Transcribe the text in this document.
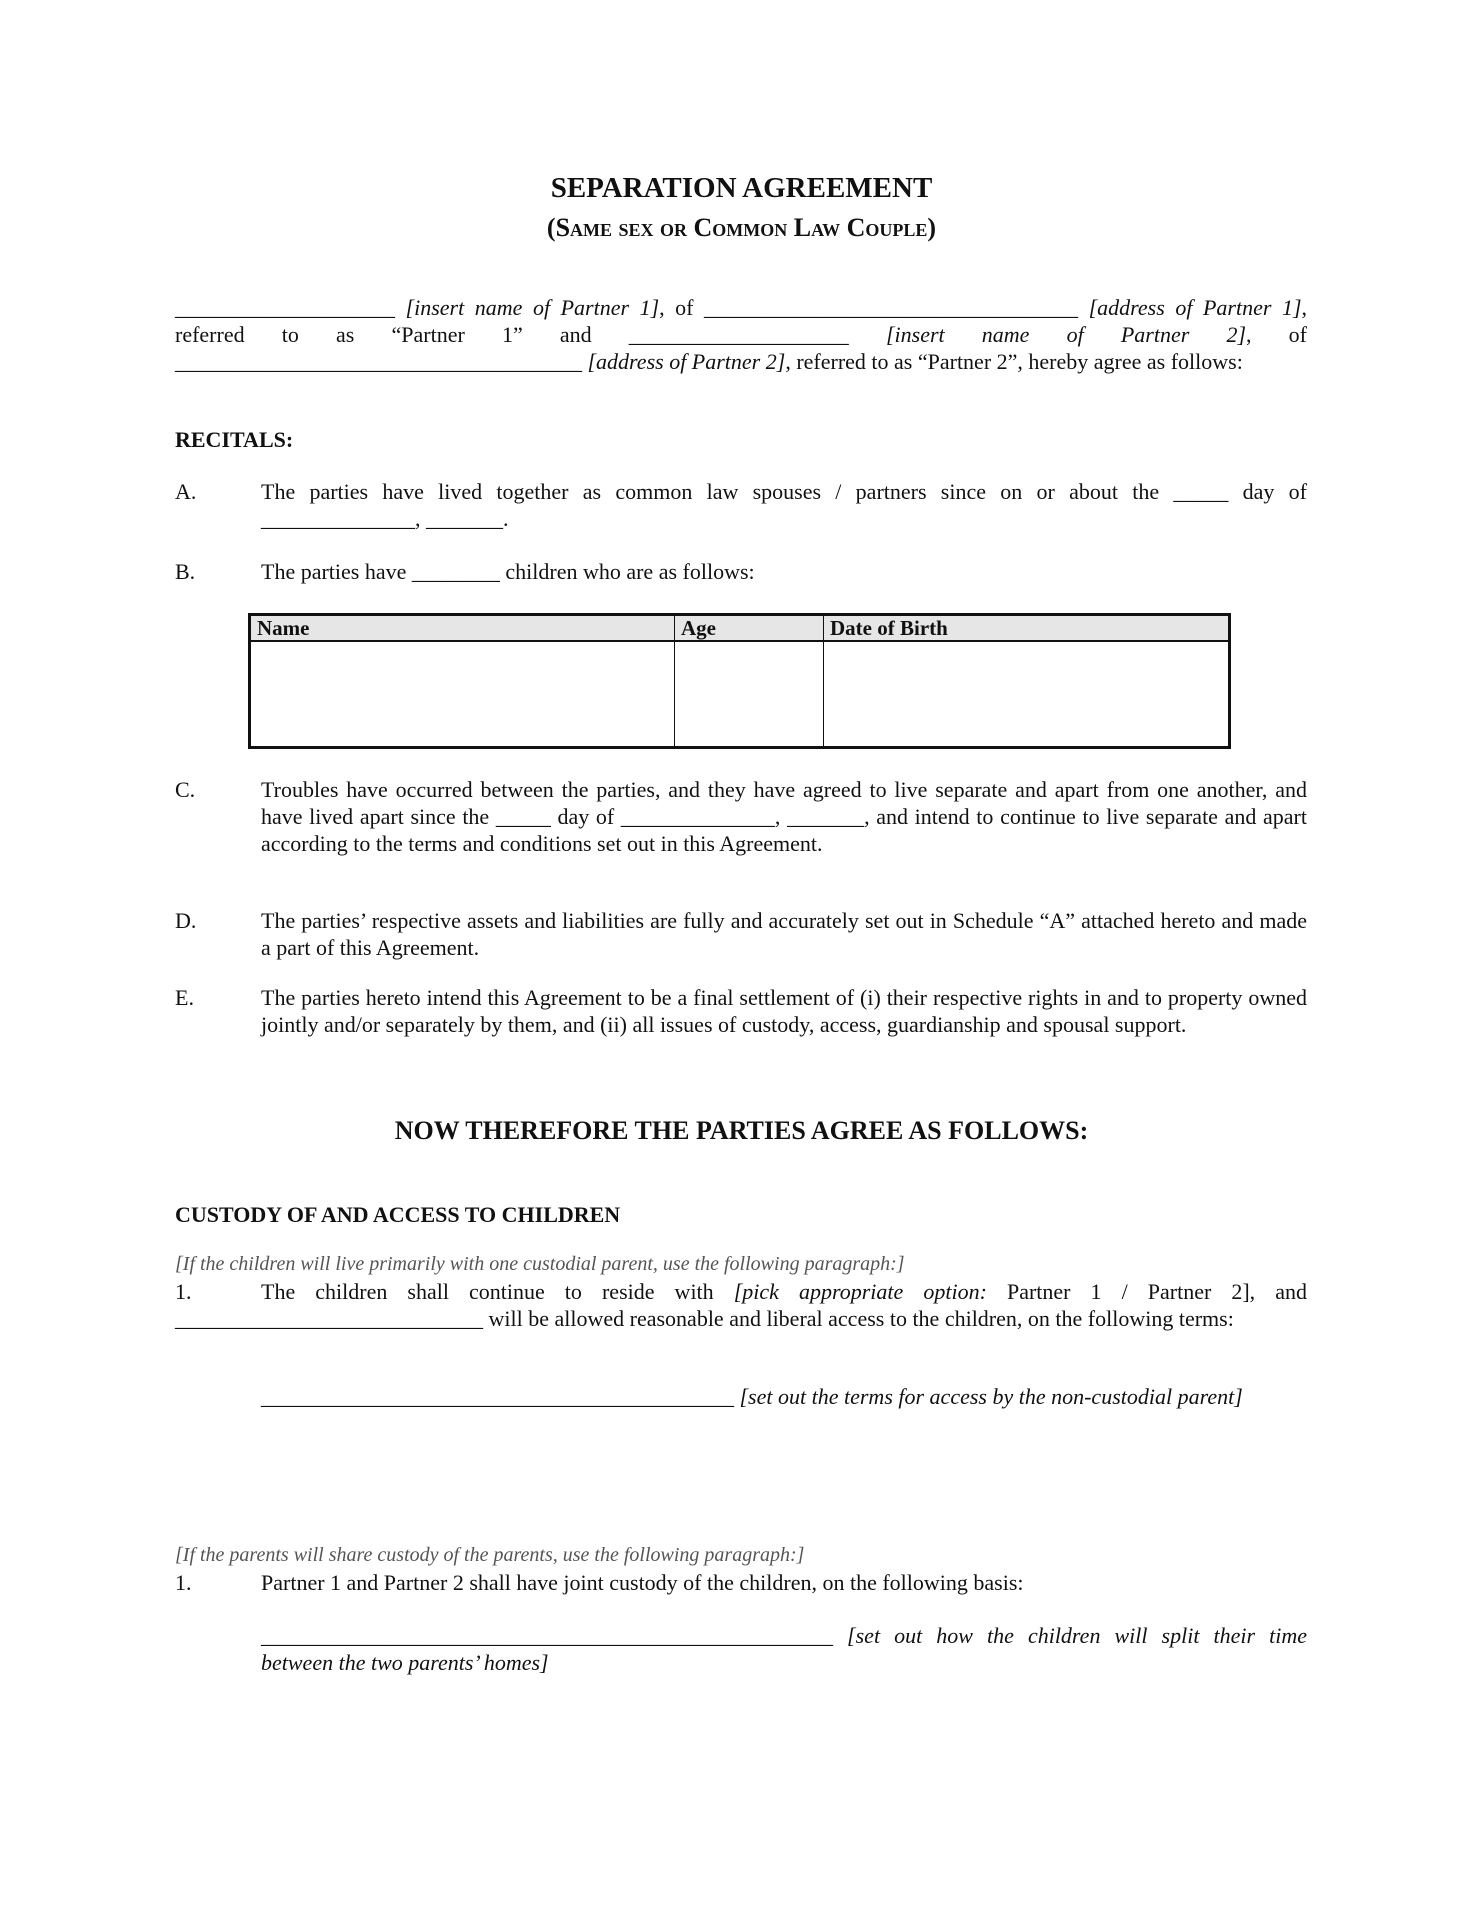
SEPARATION AGREEMENT
(Same sex or Common Law Couple)
____________________ [insert name of Partner 1], of __________________________________ [address of Partner 1], referred to as “Partner 1” and ____________________ [insert name of Partner 2], of _____________________________________ [address of Partner 2], referred to as “Partner 2”, hereby agree as follows:
RECITALS:
A.	The parties have lived together as common law spouses / partners since on or about the _____ day of ______________, _______.
B.	The parties have ________ children who are as follows:
Name	Age	Date of Birth

C.	Troubles have occurred between the parties, and they have agreed to live separate and apart from one another, and have lived apart since the _____ day of ______________, _______, and intend to continue to live separate and apart according to the terms and conditions set out in this Agreement.
D.	The parties’ respective assets and liabilities are fully and accurately set out in Schedule “A” attached hereto and made a part of this Agreement.
E.	The parties hereto intend this Agreement to be a final settlement of (i) their respective rights in and to property owned jointly and/or separately by them, and (ii) all issues of custody, access, guardianship and spousal support.
NOW THEREFORE THE PARTIES AGREE AS FOLLOWS:
CUSTODY OF AND ACCESS TO CHILDREN
[If the children will live primarily with one custodial parent, use the following paragraph:]
1.	The children shall continue to reside with [pick appropriate option: Partner 1 / Partner 2], and ____________________________ will be allowed reasonable and liberal access to the children, on the following terms:
___________________________________________ [set out the terms for access by the non-custodial parent]
[If the parents will share custody of the parents, use the following paragraph:]
1.	Partner 1 and Partner 2 shall have joint custody of the children, on the following basis:
____________________________________________________ [set out how the children will split their time between the two parents’ homes]
